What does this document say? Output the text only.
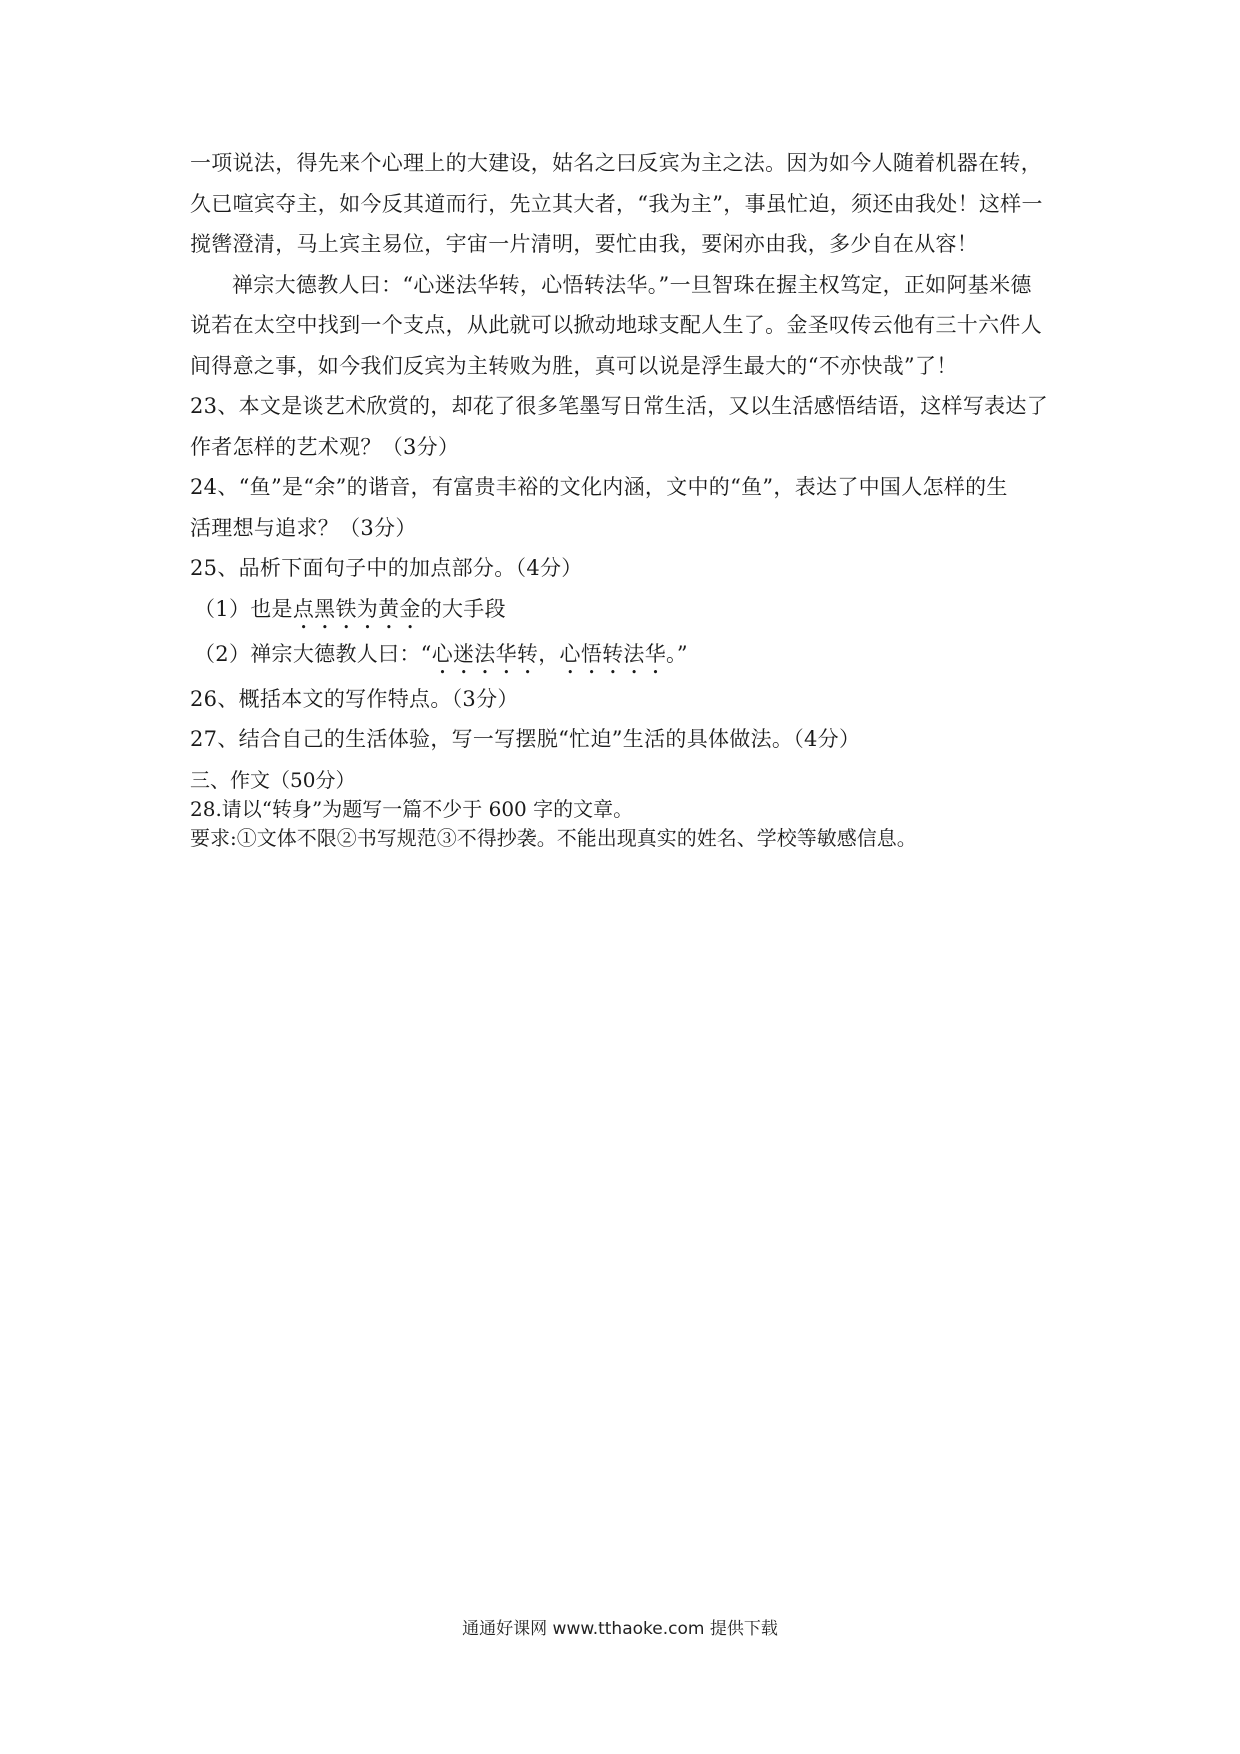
一项说法，得先来个心理上的大建设，姑名之曰反宾为主之法。因为如今人随着机器在转，
久已喧宾夺主，如今反其道而行，先立其大者，“我为主”，事虽忙迫，须还由我处！这样一
搅辔澄清，马上宾主易位，宇宙一片清明，要忙由我，要闲亦由我，多少自在从容！
禅宗大德教人曰：“心迷法华转，心悟转法华。”一旦智珠在握主权笃定，正如阿基米德
说若在太空中找到一个支点，从此就可以掀动地球支配人生了。金圣叹传云他有三十六件人
间得意之事，如今我们反宾为主转败为胜，真可以说是浮生最大的“不亦快哉”了！
23、本文是谈艺术欣赏的，却花了很多笔墨写日常生活，又以生活感悟结语，这样写表达了
作者怎样的艺术观？（3分）
24、“鱼”是“余”的谐音，有富贵丰裕的文化内涵，文中的“鱼”，表达了中国人怎样的生
活理想与追求？（3分）
25、品析下面句子中的加点部分。（4分）
（1）也是点黑铁为黄金的大手段
（2）禅宗大德教人曰：“心迷法华转，心悟转法华。”
26、概括本文的写作特点。（3分）
27、结合自己的生活体验，写一写摆脱“忙迫”生活的具体做法。（4分）
三、作文（50分）
28.请以“转身”为题写一篇不少于 600 字的文章。
要求:①文体不限②书写规范③不得抄袭。不能出现真实的姓名、学校等敏感信息。
通通好课网 www.tthaoke.com 提供下载
